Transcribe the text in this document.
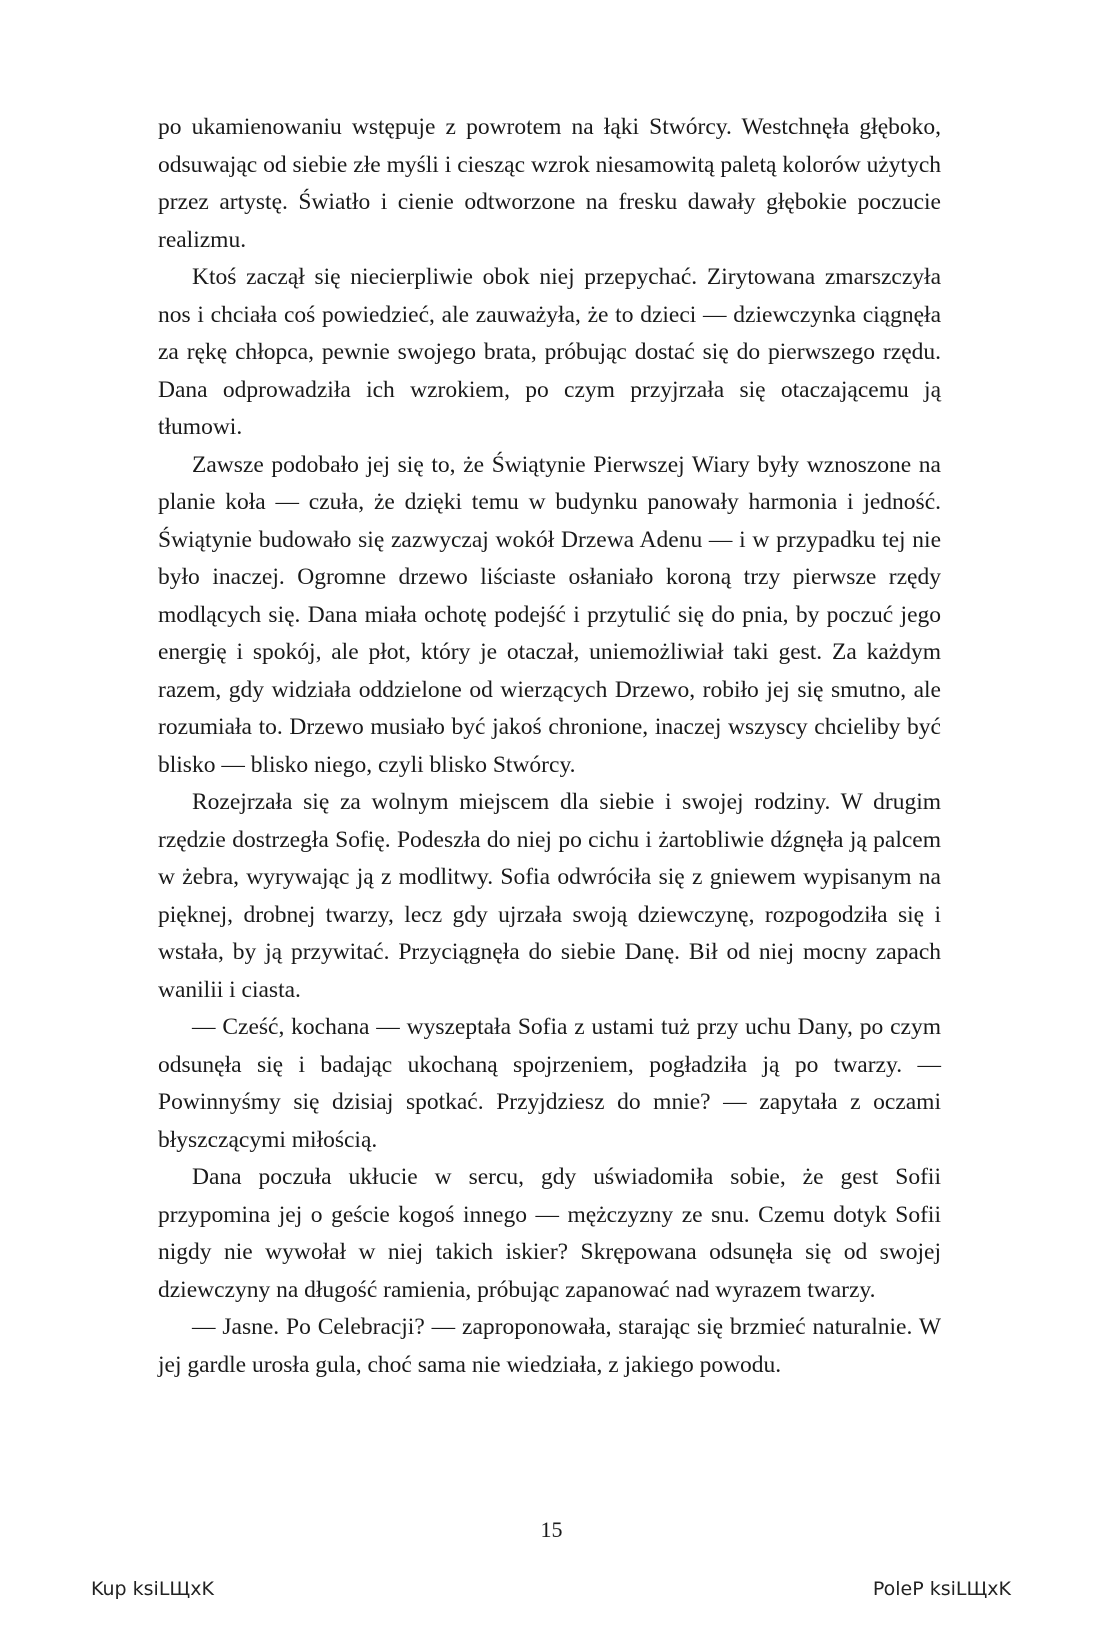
po ukamienowaniu wstępuje z powrotem na łąki Stwórcy. Westchnęła głęboko, odsuwając od siebie złe myśli i ciesząc wzrok niesamowitą paletą kolorów użytych przez artystę. Światło i cienie odtworzone na fresku dawały głębokie poczucie realizmu.

Ktoś zaczął się niecierpliwie obok niej przepychać. Zirytowana zmarszczyła nos i chciała coś powiedzieć, ale zauważyła, że to dzieci — dziewczynka ciągnęła za rękę chłopca, pewnie swojego brata, próbując dostać się do pierwszego rzędu. Dana odprowadziła ich wzrokiem, po czym przyjrzała się otaczającemu ją tłumowi.

Zawsze podobało jej się to, że Świątynie Pierwszej Wiary były wznoszone na planie koła — czuła, że dzięki temu w budynku panowały harmonia i jedność. Świątynie budowało się zazwyczaj wokół Drzewa Adenu — i w przypadku tej nie było inaczej. Ogromne drzewo liściaste osłaniało koroną trzy pierwsze rzędy modlących się. Dana miała ochotę podejść i przytulić się do pnia, by poczuć jego energię i spokój, ale płot, który je otaczał, uniemożliwiał taki gest. Za każdym razem, gdy widziała oddzielone od wierzących Drzewo, robiło jej się smutno, ale rozumiała to. Drzewo musiało być jakoś chronione, inaczej wszyscy chcieliby być blisko — blisko niego, czyli blisko Stwórcy.

Rozejrzała się za wolnym miejscem dla siebie i swojej rodziny. W drugim rzędzie dostrzegła Sofię. Podeszła do niej po cichu i żartobliwie dźgnęła ją palcem w żebra, wyrywając ją z modlitwy. Sofia odwróciła się z gniewem wypisanym na pięknej, drobnej twarzy, lecz gdy ujrzała swoją dziewczynę, rozpogodziła się i wstała, by ją przywitać. Przyciągnęła do siebie Danę. Bił od niej mocny zapach wanilii i ciasta.

— Cześć, kochana — wyszeptała Sofia z ustami tuż przy uchu Dany, po czym odsunęła się i badając ukochaną spojrzeniem, pogładziła ją po twarzy. — Powinnyśmy się dzisiaj spotkać. Przyjdziesz do mnie? — zapytała z oczami błyszczącymi miłością.

Dana poczuła ukłucie w sercu, gdy uświadomiła sobie, że gest Sofii przypomina jej o geście kogoś innego — mężczyzny ze snu. Czemu dotyk Sofii nigdy nie wywołał w niej takich iskier? Skrępowana odsunęła się od swojej dziewczyny na długość ramienia, próbując zapanować nad wyrazem twarzy.

— Jasne. Po Celebracji? — zaproponowała, starając się brzmieć naturalnie. W jej gardle urosła gula, choć sama nie wiedziała, z jakiego powodu.

15
Kup ksiLЩxK	PoleP ksiLЩxK
